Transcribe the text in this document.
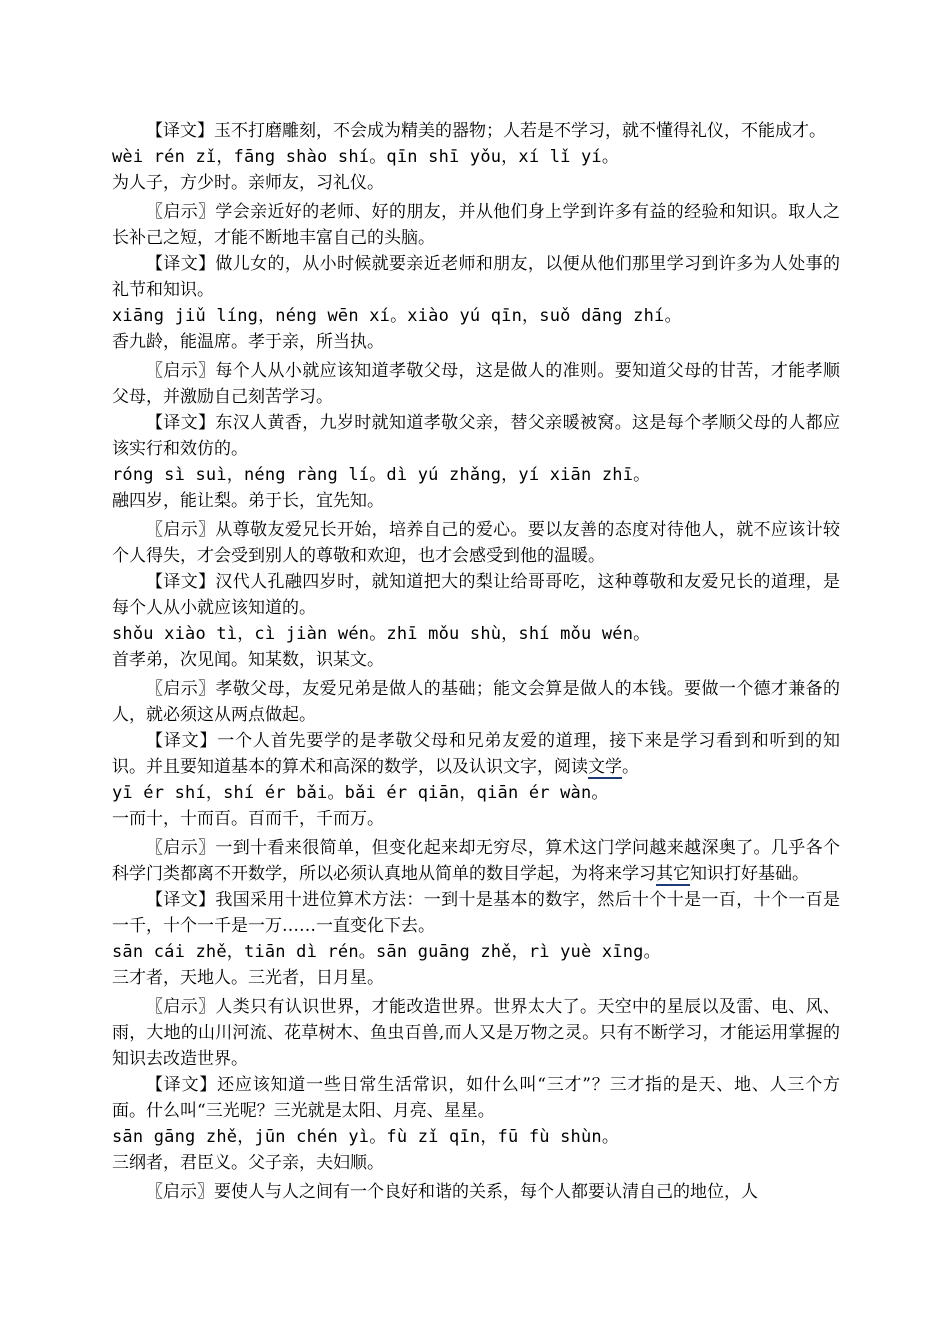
【译文】玉不打磨雕刻，不会成为精美的器物；人若是不学习，就不懂得礼仪，不能成才。

wèi rén zǐ，fāng shào shí。qīn shī yǒu，xí lǐ yí。

为人子，方少时。亲师友，习礼仪。

〖启示〗学会亲近好的老师、好的朋友，并从他们身上学到许多有益的经验和知识。取人之长补己之短，才能不断地丰富自己的头脑。

【译文】做儿女的，从小时候就要亲近老师和朋友，以便从他们那里学习到许多为人处事的礼节和知识。

xiāng jiǔ líng，néng wēn xí。xiào yú qīn，suǒ dāng zhí。

香九龄，能温席。孝于亲，所当执。

〖启示〗每个人从小就应该知道孝敬父母，这是做人的准则。要知道父母的甘苦，才能孝顺父母，并激励自己刻苦学习。

【译文】东汉人黄香，九岁时就知道孝敬父亲，替父亲暖被窝。这是每个孝顺父母的人都应该实行和效仿的。

róng sì suì，néng ràng lí。dì yú zhǎng，yí xiān zhī。

融四岁，能让梨。弟于长，宜先知。

〖启示〗从尊敬友爱兄长开始，培养自己的爱心。要以友善的态度对待他人，就不应该计较个人得失，才会受到别人的尊敬和欢迎，也才会感受到他的温暖。

【译文】汉代人孔融四岁时，就知道把大的梨让给哥哥吃，这种尊敬和友爱兄长的道理，是每个人从小就应该知道的。

shǒu xiào tì，cì jiàn wén。zhī mǒu shù，shí mǒu wén。

首孝弟，次见闻。知某数，识某文。

〖启示〗孝敬父母，友爱兄弟是做人的基础；能文会算是做人的本钱。要做一个德才兼备的人，就必须这从两点做起。

【译文】一个人首先要学的是孝敬父母和兄弟友爱的道理，接下来是学习看到和听到的知识。并且要知道基本的算术和高深的数学，以及认识文字，阅读文学。

yī ér shí，shí ér bǎi。bǎi ér qiān，qiān ér wàn。

一而十，十而百。百而千，千而万。

〖启示〗一到十看来很简单，但变化起来却无穷尽，算术这门学问越来越深奥了。几乎各个科学门类都离不开数学，所以必须认真地从简单的数目学起，为将来学习其它知识打好基础。

【译文】我国采用十进位算术方法：一到十是基本的数字，然后十个十是一百，十个一百是一千，十个一千是一万……一直变化下去。

sān cái zhě，tiān dì rén。sān guāng zhě，rì yuè xīng。

三才者，天地人。三光者，日月星。

〖启示〗人类只有认识世界，才能改造世界。世界太大了。天空中的星辰以及雷、电、风、雨，大地的山川河流、花草树木、鱼虫百兽,而人又是万物之灵。只有不断学习，才能运用掌握的知识去改造世界。

【译文】还应该知道一些日常生活常识，如什么叫“三才”？三才指的是天、地、人三个方面。什么叫“三光呢？三光就是太阳、月亮、星星。

sān gāng zhě，jūn chén yì。fù zǐ qīn，fū fù shùn。

三纲者，君臣义。父子亲，夫妇顺。

〖启示〗要使人与人之间有一个良好和谐的关系，每个人都要认清自己的地位，人
